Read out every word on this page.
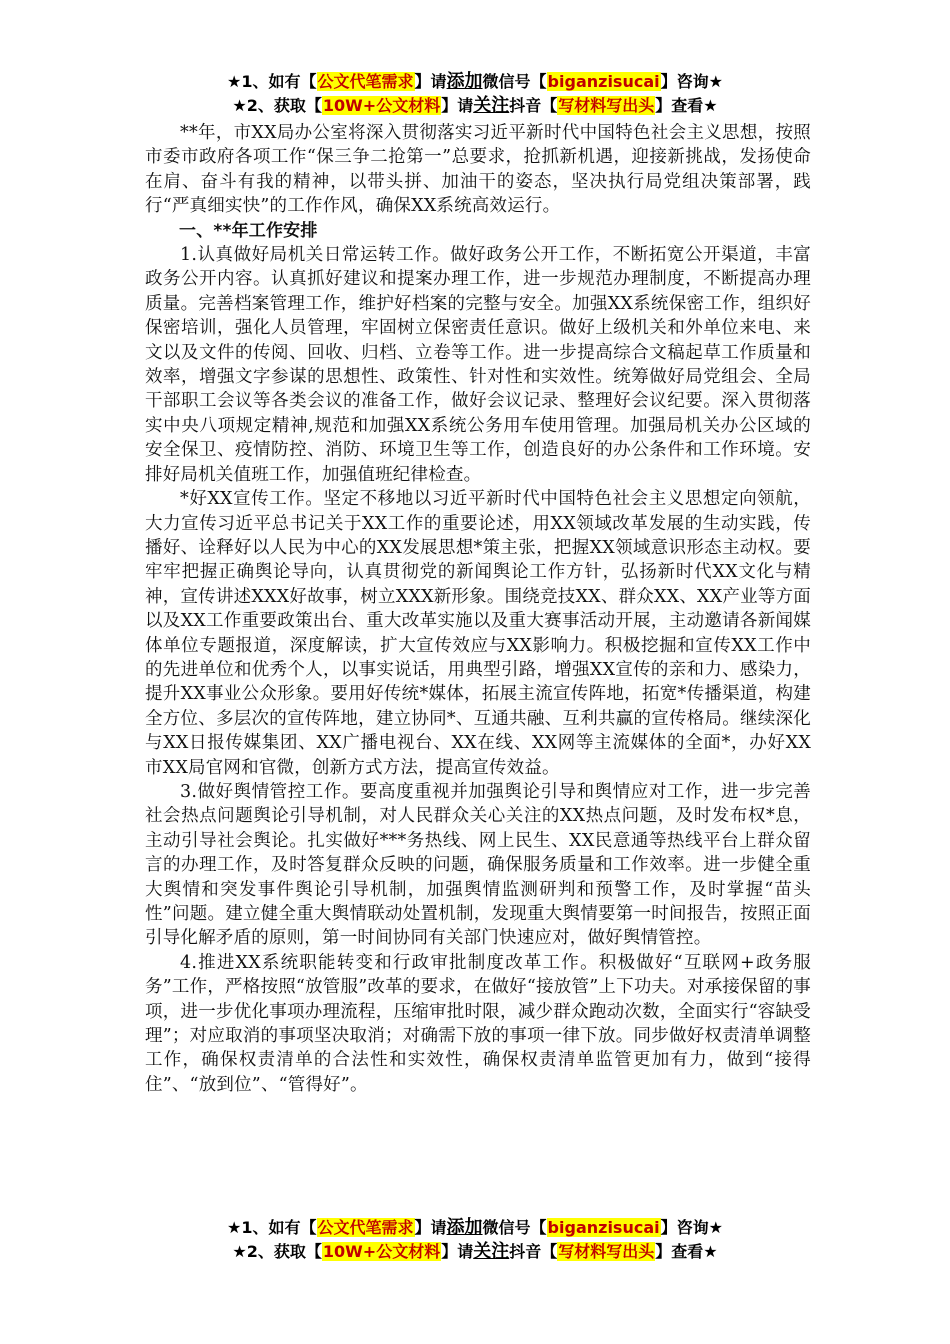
★1、如有【公文代笔需求】请添加微信号【biganzisucai】咨询★
★2、获取【10W+公文材料】请关注抖音【写材料写出头】查看★

**年，市XX局办公室将深入贯彻落实习近平新时代中国特色社会主义思想，按照市委市政府各项工作“保三争二抢第一”总要求，抢抓新机遇，迎接新挑战，发扬使命在肩、奋斗有我的精神，以带头拼、加油干的姿态，坚决执行局党组决策部署，践行“严真细实快”的工作作风，确保XX系统高效运行。

一、**年工作安排

1.认真做好局机关日常运转工作。做好政务公开工作，不断拓宽公开渠道，丰富政务公开内容。认真抓好建议和提案办理工作，进一步规范办理制度，不断提高办理质量。完善档案管理工作，维护好档案的完整与安全。加强XX系统保密工作，组织好保密培训，强化人员管理，牢固树立保密责任意识。做好上级机关和外单位来电、来文以及文件的传阅、回收、归档、立卷等工作。进一步提高综合文稿起草工作质量和效率，增强文字参谋的思想性、政策性、针对性和实效性。统筹做好局党组会、全局干部职工会议等各类会议的准备工作，做好会议记录、整理好会议纪要。深入贯彻落实中央八项规定精神,规范和加强XX系统公务用车使用管理。加强局机关办公区域的安全保卫、疫情防控、消防、环境卫生等工作，创造良好的办公条件和工作环境。安排好局机关值班工作，加强值班纪律检查。

*好XX宣传工作。坚定不移地以习近平新时代中国特色社会主义思想定向领航，大力宣传习近平总书记关于XX工作的重要论述，用XX领域改革发展的生动实践，传播好、诠释好以人民为中心的XX发展思想*策主张，把握XX领域意识形态主动权。要牢牢把握正确舆论导向，认真贯彻党的新闻舆论工作方针，弘扬新时代XX文化与精神，宣传讲述XXX好故事，树立XXX新形象。围绕竞技XX、群众XX、XX产业等方面以及XX工作重要政策出台、重大改革实施以及重大赛事活动开展，主动邀请各新闻媒体单位专题报道，深度解读，扩大宣传效应与XX影响力。积极挖掘和宣传XX工作中的先进单位和优秀个人，以事实说话，用典型引路，增强XX宣传的亲和力、感染力，提升XX事业公众形象。要用好传统*媒体，拓展主流宣传阵地，拓宽*传播渠道，构建全方位、多层次的宣传阵地，建立协同*、互通共融、互利共赢的宣传格局。继续深化与XX日报传媒集团、XX广播电视台、XX在线、XX网等主流媒体的全面*，办好XX市XX局官网和官微，创新方式方法，提高宣传效益。

3.做好舆情管控工作。要高度重视并加强舆论引导和舆情应对工作，进一步完善社会热点问题舆论引导机制，对人民群众关心关注的XX热点问题，及时发布权*息，主动引导社会舆论。扎实做好***务热线、网上民生、XX民意通等热线平台上群众留言的办理工作，及时答复群众反映的问题，确保服务质量和工作效率。进一步健全重大舆情和突发事件舆论引导机制，加强舆情监测研判和预警工作，及时掌握“苗头性”问题。建立健全重大舆情联动处置机制，发现重大舆情要第一时间报告，按照正面引导化解矛盾的原则，第一时间协同有关部门快速应对，做好舆情管控。

4.推进XX系统职能转变和行政审批制度改革工作。积极做好“互联网+政务服务”工作，严格按照“放管服”改革的要求，在做好“接放管”上下功夫。对承接保留的事项，进一步优化事项办理流程，压缩审批时限，减少群众跑动次数，全面实行“容缺受理”；对应取消的事项坚决取消；对确需下放的事项一律下放。同步做好权责清单调整工作，确保权责清单的合法性和实效性，确保权责清单监管更加有力，做到“接得住”、“放到位”、“管得好”。

★1、如有【公文代笔需求】请添加微信号【biganzisucai】咨询★
★2、获取【10W+公文材料】请关注抖音【写材料写出头】查看★
